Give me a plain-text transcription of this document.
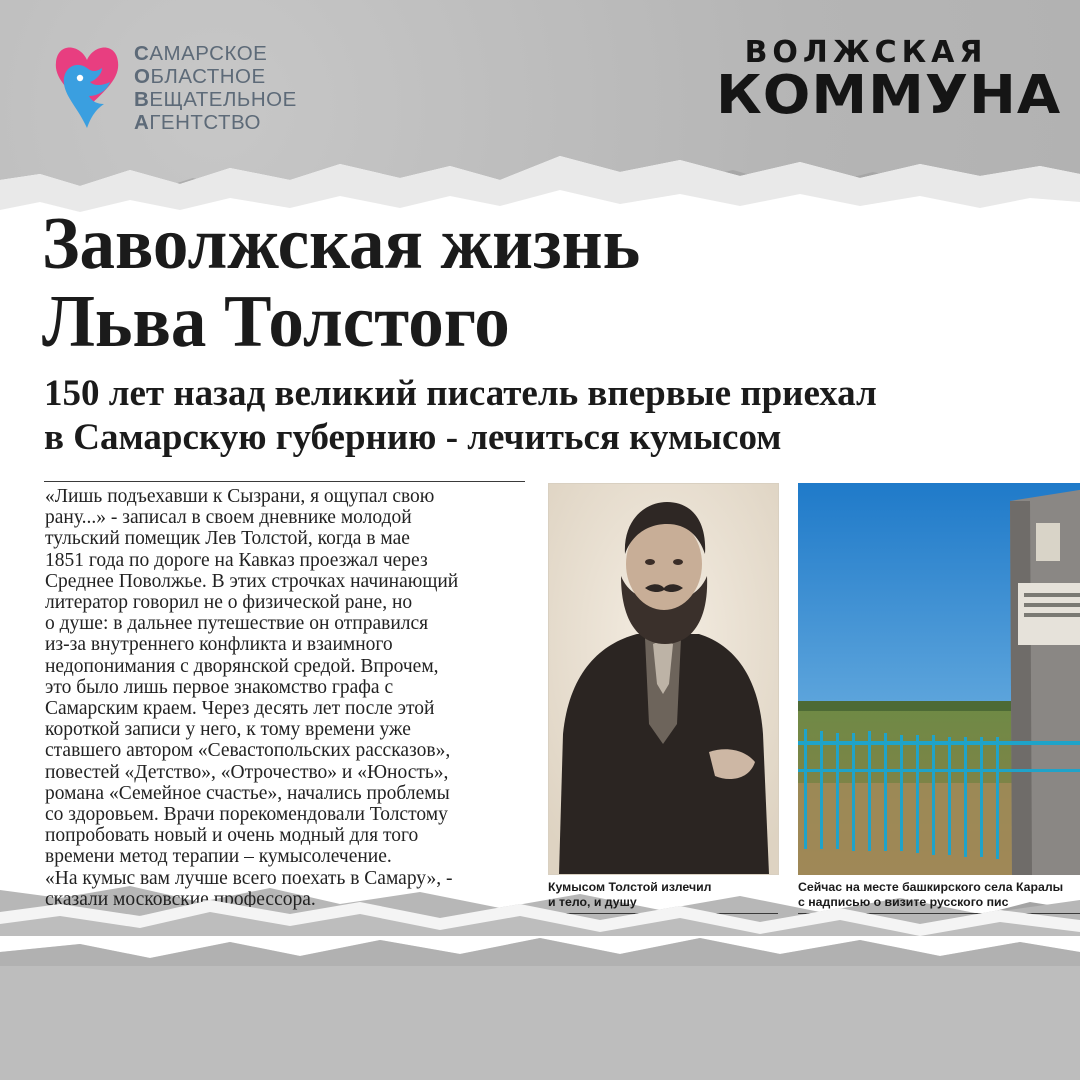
САМАРСКОЕ
ОБЛАСТНОЕ
ВЕЩАТЕЛЬНОЕ
АГЕНТСТВО
ВОЛЖСКАЯ
КОММУНА
Заволжская жизнь
Льва Толстого
150 лет назад великий писатель впервые приехал
в Самарскую губернию - лечиться кумысом
«Лишь подъехавши к Сызрани, я ощупал свою
рану...» - записал в своем дневнике молодой
тульский помещик Лев Толстой, когда в мае
1851 года по дороге на Кавказ проезжал через
Среднее Поволжье. В этих строчках начинающий
литератор говорил не о физической ране, но
о душе: в дальнее путешествие он отправился
из-за внутреннего конфликта и взаимного
недопонимания с дворянской средой. Впрочем,
это было лишь первое знакомство графа с
Самарским краем. Через десять лет после этой
короткой записи у него, к тому времени уже
ставшего автором «Севастопольских рассказов»,
повестей «Детство», «Отрочество» и «Юность»,
романа «Семейное счастье», начались проблемы
со здоровьем. Врачи порекомендовали Толстому
попробовать новый и очень модный для того
времени метод терапии – кумысолечение.
«На кумыс вам лучше всего поехать в Самару», -
сказали московские профессора.
Кумысом Толстой излечил
и тело, и душу
Сейчас на месте башкирского села Каралы
с надписью о визите русского пис
